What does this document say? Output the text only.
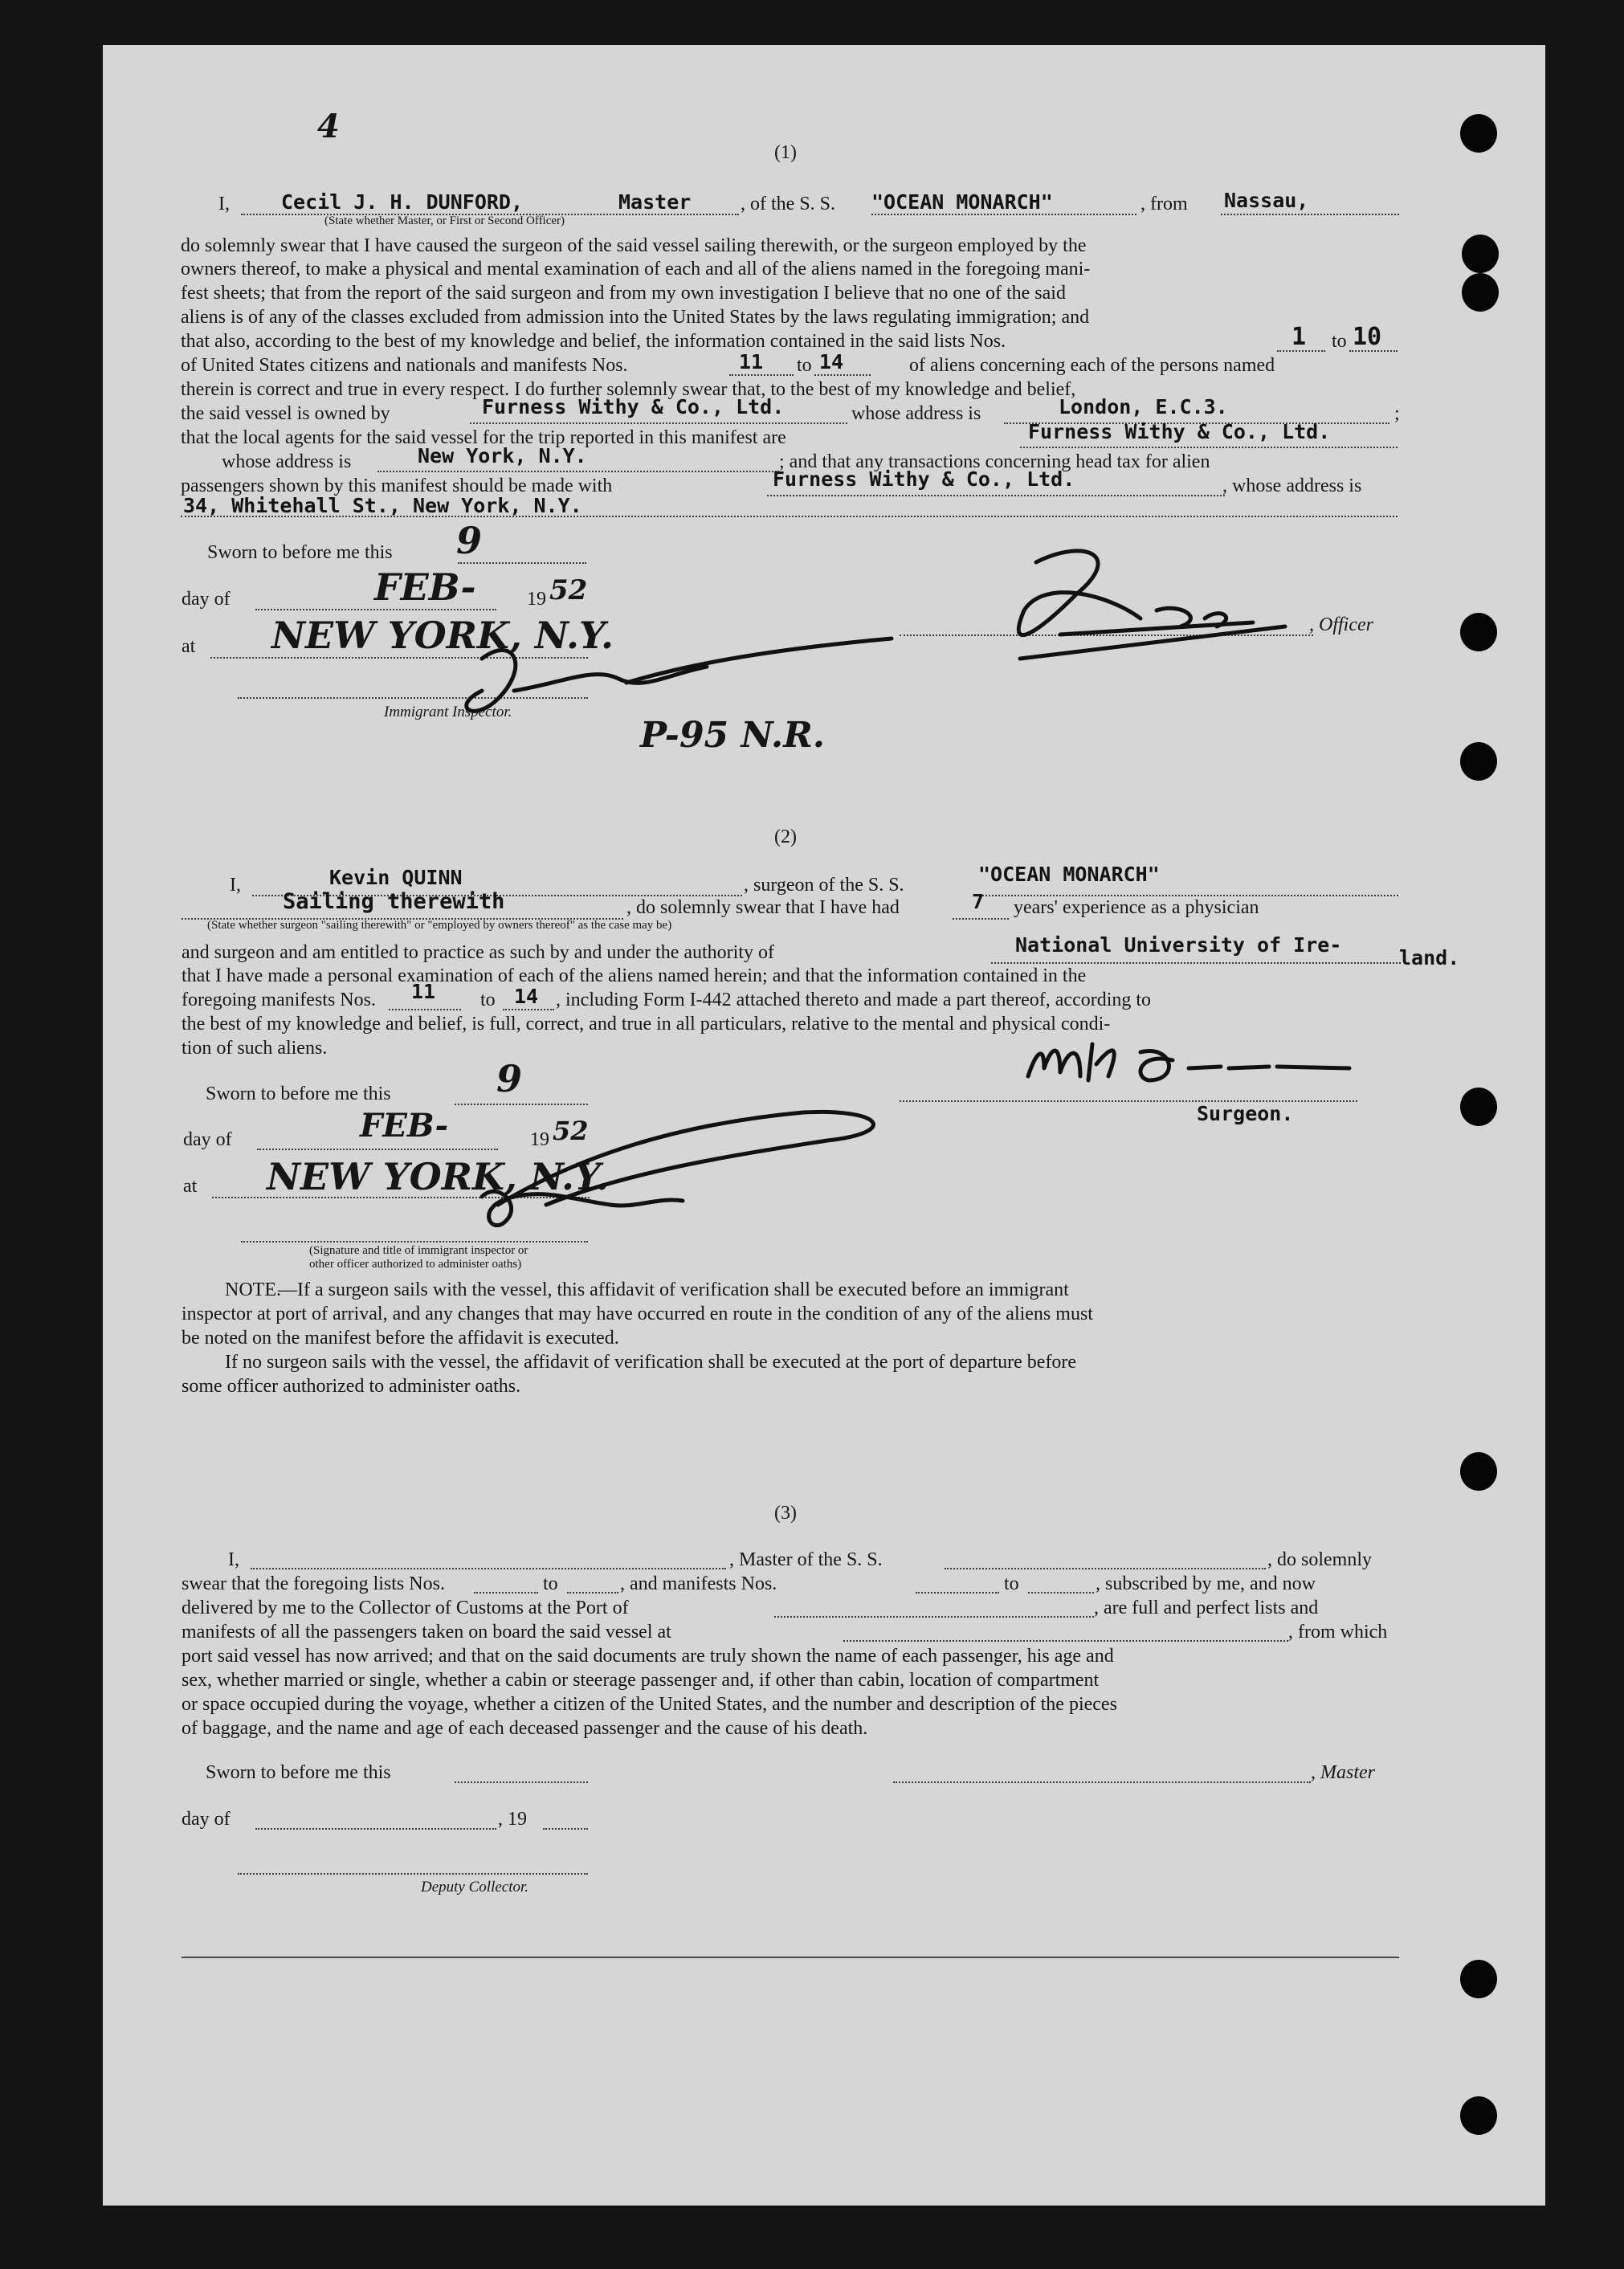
4
(1)
I,	Cecil J. H. DUNFORD,	Master	, of the S. S. "OCEAN MONARCH"	, from Nassau,
(State whether Master, or First or Second Officer)
do solemnly swear that I have caused the surgeon of the said vessel sailing therewith, or the surgeon employed by the
owners thereof, to make a physical and mental examination of each and all of the aliens named in the foregoing mani-
fest sheets; that from the report of the said surgeon and from my own investigation I believe that no one of the said
aliens is of any of the classes excluded from admission into the United States by the laws regulating immigration; and
that also, according to the best of my knowledge and belief, the information contained in the said lists Nos.	1 to 10
of United States citizens and nationals and manifests Nos.	11 to 14	of aliens concerning each of the persons named
therein is correct and true in every respect. I do further solemnly swear that, to the best of my knowledge and belief,
the said vessel is owned by	Furness Withy & Co., Ltd.	whose address is	London, E.C.3.	;
that the local agents for the said vessel for the trip reported in this manifest are	Furness Withy & Co., Ltd.
whose address is	New York, N.Y.	; and that any transactions concerning head tax for alien
passengers shown by this manifest should be made with	Furness Withy & Co., Ltd.	, whose address is
34, Whitehall St., New York, N.Y.
Sworn to before me this 9
day of	FEB-	19 52
at NEW YORK, N.Y.	, Officer
Immigrant Inspector.
P-95 N.R.
(2)
I,	Kevin QUINN	, surgeon of the S. S.	"OCEAN MONARCH"
Sailing therewith	, do solemnly swear that I have had	7 years' experience as a physician
(State whether surgeon "sailing therewith" or "employed by owners thereof" as the case may be)
and surgeon and am entitled to practice as such by and under the authority of	National University of Ire-
land.
that I have made a personal examination of each of the aliens named herein; and that the information contained in the
foregoing manifests Nos. 11 to 14 , including Form I-442 attached thereto and made a part thereof, according to
the best of my knowledge and belief, is full, correct, and true in all particulars, relative to the mental and physical condi-
tion of such aliens.
Sworn to before me this	9
Surgeon.
day of	FEB-	19 52
at NEW YORK, N.Y.
(Signature and title of immigrant inspector or
other officer authorized to administer oaths)
NOTE.
—If a surgeon sails with the vessel, this affidavit of verification shall be executed before an immigrant
inspector at port of arrival, and any changes that may have occurred en route in the condition of any of the aliens must
be noted on the manifest before the affidavit is executed.
If no surgeon sails with the vessel, the affidavit of verification shall be executed at the port of departure before
some officer authorized to administer oaths.
(3)
I,	, Master of the S. S.	, do solemnly
swear that the foregoing lists Nos.	to	, and manifests Nos.	to	, subscribed by me, and now
delivered by me to the Collector of Customs at the Port of	, are full and perfect lists and
manifests of all the passengers taken on board the said vessel at	, from which
port said vessel has now arrived; and that on the said documents are truly shown the name of each passenger, his age and
sex, whether married or single, whether a cabin or steerage passenger and, if other than cabin, location of compartment
or space occupied during the voyage, whether a citizen of the United States, and the number and description of the pieces
of baggage, and the name and age of each deceased passenger and the cause of his death.
Sworn to before me this	, Master
day of	, 19
Deputy Collector.
